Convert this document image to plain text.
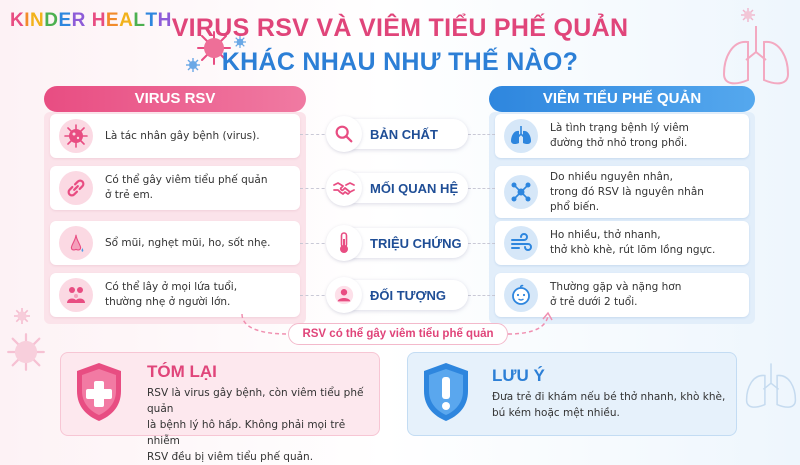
KINDER HEALTH VIRUS RSV VÀ VIÊM TIỂU PHẾ QUẢN
KHÁC NHAU NHƯ THẾ NÀO?
VIRUS RSV	VIÊM TIỂU PHẾ QUẢN
Là tác nhân gây bệnh (virus).
Có thể gây viêm tiểu phế quản
ở trẻ em.
Sổ mũi, nghẹt mũi, ho, sốt nhẹ.
Có thể lây ở mọi lứa tuổi,
thường nhẹ ở người lớn.
Là tình trạng bệnh lý viêm
đường thở nhỏ trong phổi.
Do nhiều nguyên nhân,
trong đó RSV là nguyên nhân
phổ biến.
Ho nhiều, thở nhanh,
thở khò khè, rút lõm lồng ngực.
Thường gặp và nặng hơn
ở trẻ dưới 2 tuổi.
BẢN CHẤT
MỐI QUAN HỆ
TRIỆU CHỨNG
ĐỐI TƯỢNG
RSV có thể gây viêm tiểu phế quản
TÓM LẠI
RSV là virus gây bệnh, còn viêm tiểu phế quản
là bệnh lý hô hấp. Không phải mọi trẻ nhiễm
RSV đều bị viêm tiểu phế quản.
LƯU Ý
Đưa trẻ đi khám nếu bé thở nhanh, khò khè,
bú kém hoặc mệt nhiều.
